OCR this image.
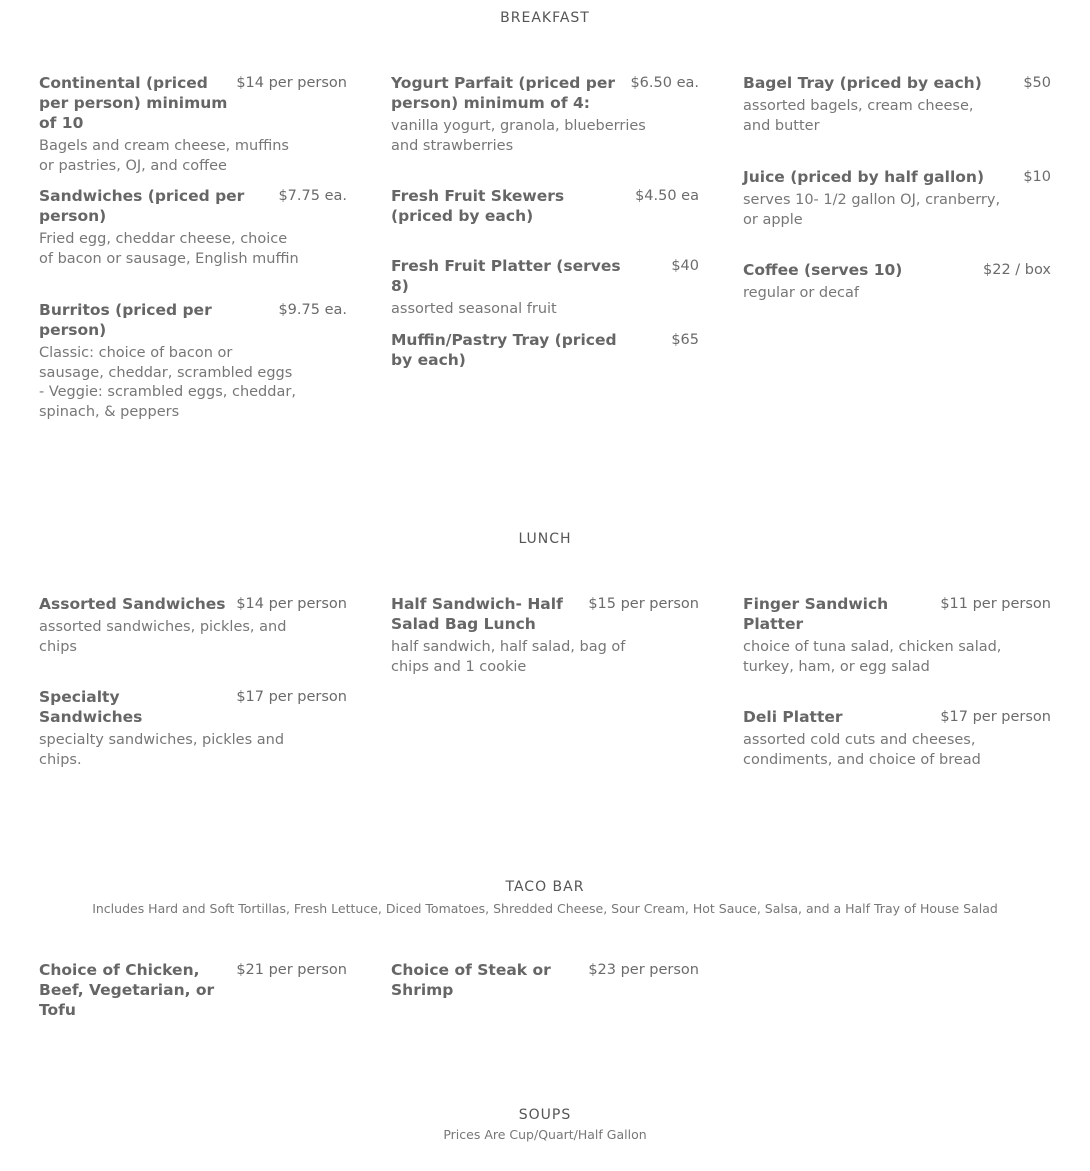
BREAKFAST
Continental (priced per person) minimum of 10
$14 per person
Bagels and cream cheese, muffins or pastries, OJ, and coffee
Sandwiches (priced per person)
$7.75 ea.
Fried egg, cheddar cheese, choice of bacon or sausage, English muffin
Burritos (priced per person)
$9.75 ea.
Classic: choice of bacon or sausage, cheddar, scrambled eggs - Veggie: scrambled eggs, cheddar, spinach, & peppers
Yogurt Parfait (priced per person) minimum of 4:
$6.50 ea.
vanilla yogurt, granola, blueberries and strawberries
Fresh Fruit Skewers (priced by each)
$4.50 ea
Fresh Fruit Platter (serves 8)
$40
assorted seasonal fruit
Muffin/Pastry Tray (priced by each)
$65
Bagel Tray (priced by each)	$50
assorted bagels, cream cheese, and butter
Juice (priced by half gallon)	$10
serves 10- 1/2 gallon OJ, cranberry, or apple
Coffee (serves 10)	$22 / box
regular or decaf
LUNCH
Assorted Sandwiches $14 per person
assorted sandwiches, pickles, and chips
Specialty Sandwiches
$17 per person
specialty sandwiches, pickles and chips.
Half Sandwich- Half Salad Bag Lunch
$15 per person
half sandwich, half salad, bag of chips and 1 cookie
Finger Sandwich Platter
$11 per person
choice of tuna salad, chicken salad, turkey, ham, or egg salad
Deli Platter	$17 per person
assorted cold cuts and cheeses, condiments, and choice of bread
TACO BAR
Includes Hard and Soft Tortillas, Fresh Lettuce, Diced Tomatoes, Shredded Cheese, Sour Cream, Hot Sauce, Salsa, and a Half Tray of House Salad
Choice of Chicken, Beef, Vegetarian, or Tofu
$21 per person	Choice of Steak or Shrimp
$23 per person
SOUPS
Prices Are Cup/Quart/Half Gallon
